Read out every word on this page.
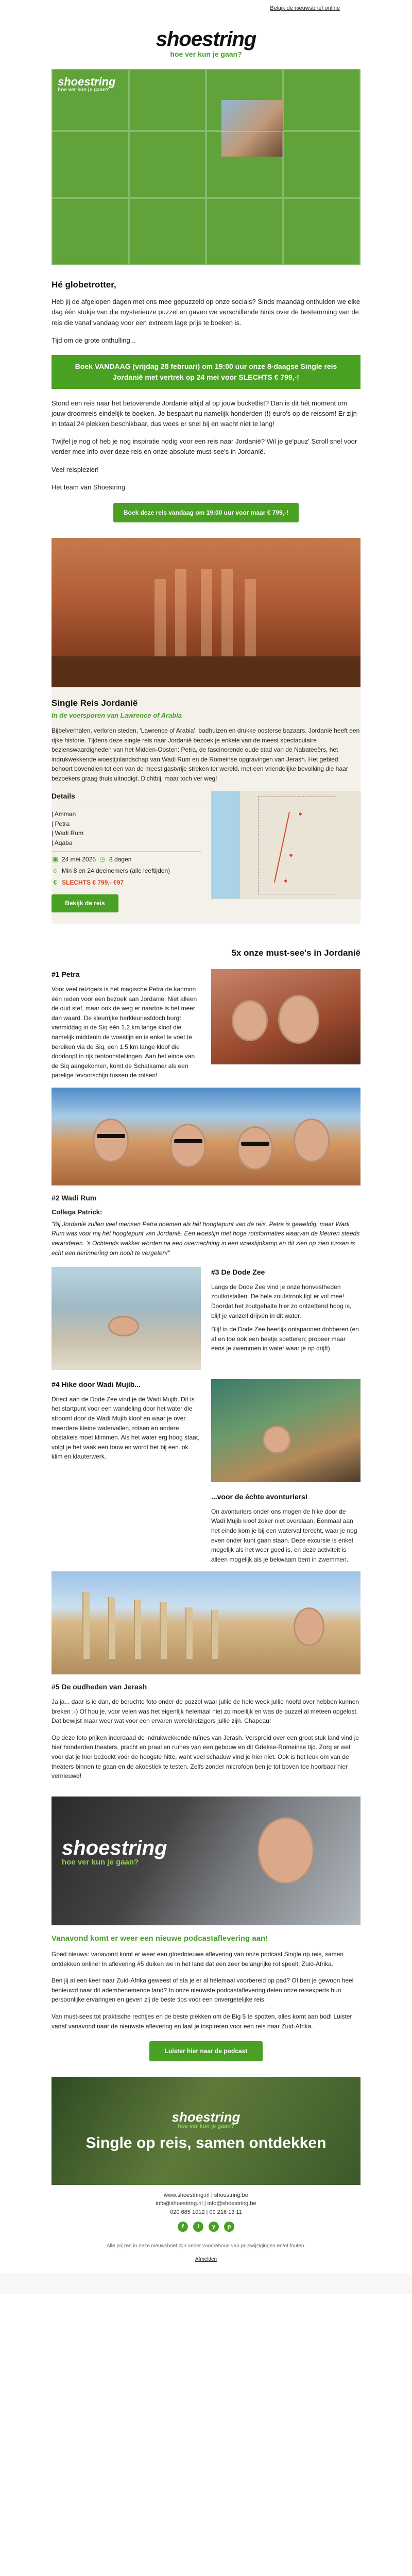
Bekijk de nieuwsbrief online
shoestring
hoe ver kun je gaan?
shoestring
hoe ver kun je gaan?
Hé globetrotter,

Heb jij de afgelopen dagen met ons mee gepuzzeld op onze socials? Sinds maandag onthulden we elke dag één stukje van die mysterieuze puzzel en gaven we verschillende hints over de bestemming van de reis die vanaf vandaag voor een extreem lage prijs te boeken is.

Tijd om de grote onthulling...

Boek VANDAAG (vrijdag 28 februari) om 19:00 uur onze 8-daagse Single reis Jordanië met vertrek op 24 mei voor SLECHTS € 799,-!

Stond een reis naar het betoverende Jordanië altijd al op jouw bucketlist? Dan is dit hét moment om jouw droomreis eindelijk te boeken. Je bespaart nu namelijk honderden (!) euro's op de reissom! Er zijn in totaal 24 plekken beschikbaar, dus wees er snel bij en wacht niet te lang!

Twijfel je nog of heb je nog inspiratie nodig voor een reis naar Jordanië? Wil je ge'puuz' Scroll snel voor verder mee info over deze reis en onze absolute must-see's in Jordanië.

Veel reisplezier!

Het team van Shoestring

Boek deze reis vandaag om 19:00 uur voor maar € 799,-!
Single Reis Jordanië
In de voetsporen van Lawrence of Arabia

Bijbelverhalen, verloren steden, 'Lawrence of Arabia', badhuizen en drukke oosterse bazaars. Jordanië heeft een rijke historie. Tijdens deze single reis naar Jordanië bezoek je enkele van de meest spectaculaire bezienswaardigheden van het Midden-Oosten: Petra, de fascinerende oude stad van de Nabateeërs, het indrukwekkende woestijnlandschap van Wadi Rum en de Romeinse opgravingen van Jerash. Het gebied behoort bovendien tot een van de meest gastvrije streken ter wereld, met een vriendelijke bevolking die haar bezoekers graag thuis uitnodigt. Dichtbij, maar toch ver weg!

Details
| Amman
| Petra
| Wadi Rum
| Aqaba
▣ 24 mei 2025 ◷ 8 dagen
☺ Min 8 en 24 deelnemers (alle leeftijden)
€ SLECHTS € 799,- €97
Bekijk de reis
5x onze must-see's in Jordanië
#1 Petra

Voor veel reizigers is het magische Petra de kanmon één reden voor een bezoek aan Jordanië. Niet alleen de oud stef, maar ook de weg er naartoe is het meer dan waard. De kleurrijke berkleuriestdoch burgt vanmiddag in de Siq één 1,2 km lange kloof die namelijk middenin de woestijn en is enkel te voet te bereiken via de Siq, een 1,5 km lange kloof die doorloopt in rijk tentoonstellingen. Aan het einde van de Siq aangekomen, komt de Schatkamer als een parelige tevoorschijn tussen de rotsen!

#2 Wadi Rum
Collega Patrick:

"Bij Jordanië zullen veel mensen Petra noemen als hét hoogtepunt van de reis. Petra is geweldig, maar Wadi Rum was voor mij hét hoogtepunt van Jordanië. Een woestijn met hoge rotsformaties waarvan de kleuren steeds veranderen. 's Ochtends wakker worden na een overnachting in een woestijnkamp en dit zien op zien tussen is echt een herinnering om nooit te vergeten!"

#3 De Dode Zee

Langs de Dode Zee vind je onze honvestheden zoutkristallen. De hele zoutstrook ligt er vol mee! Doordat het zoutgehalte hier zo ontzettend hoog is, blijf je vanzelf drijven in dit water.

Blijf in de Dode Zee heerlijk ontspannen dobberen (en af en toe ook een beetje spetteren; probeer maar eens je zwemmen in water waar je op drijft).

#4 Hike door Wadi Mujib...

Direct aan de Dode Zee vind je de Wadi Mujib. Dit is het startpunt voor een wandeling door het water die stroomt door de Wadi Mujib kloof en waar je over meerdere kleine watervallen, rotsen en andere obstakels moet klimmen. Als het water erg hoog staat, volgt je het vaak een touw en wordt het bij een lok klim en klauterwerk.

...voor de échte avonturiers!

On avonturiers onder ons mogen de hike door de Wadi Mujib kloof zeker niet overslaan. Eenmaal aan het einde kom je bij een waterval terecht, waar je nog even onder kunt gaan staan. Deze excursie is enkel mogelijk als het weer goed is, en deze activiteit is alleen mogelijk als je bekwaam bent in zwemmen.

#5 De oudheden van Jerash

Ja ja... daar is ie dan, de beruchte foto onder de puzzel waar jullie de hele week jullie hoofd over hebben kunnen breken ;-) Of hou je, voor velen was het eigenlijk helemaal niet zo moeilijk en was de puzzel al meteen opgelost. Dat bewijst maar weer wat voor een ervaren wereldreizigers jullie zijn. Chapeau!

Op deze foto prijken inderdaad de indrukwekkende ruïnes van Jerash. Verspreid over een groot stuk land vind je hier honderden theaters, pracht en praal en ruïnes van een gebouw en dit Griekse-Romeinse tijd. Zorg er wel voor dat je hier bezoekt vóór de hoogste hitte, want veel schaduw vind je hier niet. Ook is het leuk om van de theaters binnen te gaan en de akoestiek te testen. Zelfs zonder microfoon ben je tot boven toe hoorbaar hier vernieuwd!

shoestring
hoe ver kun je gaan?
Vanavond komt er weer een nieuwe podcastaflevering aan!

Goed nieuws: vanavond komt er weer een gloednieuwe aflevering van onze podcast Single op reis, samen ontdekken online! In aflevering #5 duiken we in het land dat een zeer belangrijke rol speelt: Zuid-Afrika.

Ben jij al een keer naar Zuid-Afrika geweest of sta je er al hélemaal voorbereid op pad? Of ben je gewoon heel benieuwd naar dit adembenemende land? In onze nieuwste podcastaflevering delen onze reisexperts hun persoonlijke ervaringen en geven zij de beste tips voor een onvergetelijke reis.

Van must-sees tot praktische rechtjes en de beste plekken om de Big 5 te spotten, alles komt aan bod! Luister vanaf vanavond naar de nieuwste aflevering en laat je inspireren voor een reis naar Zuid-Afrika.

Luister hier naar de podcast
shoestring
hoe ver kun je gaan?
Single op reis, samen ontdekken
www.shoestring.nl | shoestring.be
info@shoestring.nl | info@shoestring.be
020 685 1012 | 09 216 13 11
f	i	y	p
Alle prijzen in deze nieuwsbrief zijn onder voorbehoud van prijswijzigingen en/of fouten.
Afmelden
